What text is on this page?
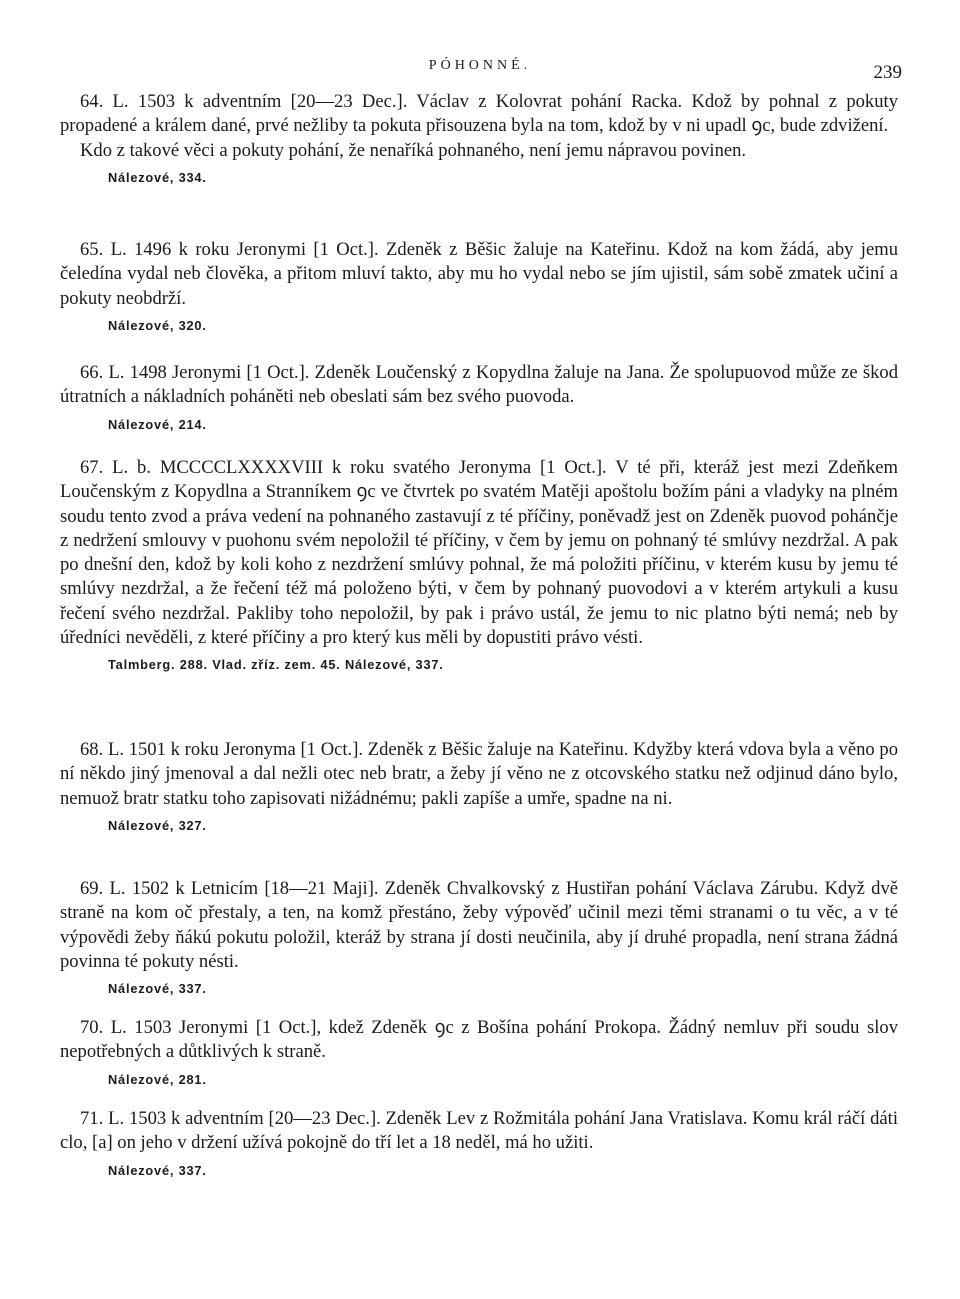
PÓHONNÉ.	239

64. L. 1503 k adventním [20—23 Dec.]. Václav z Kolovrat pohání Racka. Kdož by pohnal z pokuty propadené a králem dané, prvé nežliby ta pokuta přisouzena byla na tom, kdož by v ni upadl ꝯc, bude zdvižení.

Kdo z takové věci a pokuty pohání, že nenaříká pohnaného, není jemu nápravou povinen.

Nálezové, 334.

65. L. 1496 k roku Jeronymi [1 Oct.]. Zdeněk z Běšic žaluje na Kateřinu. Kdož na kom žádá, aby jemu čeledína vydal neb člověka, a přitom mluví takto, aby mu ho vydal nebo se jím ujistil, sám sobě zmatek učiní a pokuty neobdrží.

Nálezové, 320.

66. L. 1498 Jeronymi [1 Oct.]. Zdeněk Loučenský z Kopydlna žaluje na Jana. Že spolupuovod může ze škod útratních a nákladních poháněti neb obeslati sám bez svého puovoda.

Nálezové, 214.

67. L. b. MCCCCLXXXXVIII k roku svatého Jeronyma [1 Oct.]. V té při, kteráž jest mezi Zdeňkem Loučenským z Kopydlna a Stranníkem ꝯc ve čtvrtek po svatém Matěji apoštolu božím páni a vladyky na plném soudu tento zvod a práva vedení na pohnaného zastavují z té příčiny, poněvadž jest on Zdeněk puovod pohánčje z nedržení smlouvy v puohonu svém nepoložil té příčiny, v čem by jemu on pohnaný té smlúvy nezdržal. A pak po dnešní den, kdož by koli koho z nezdržení smlúvy pohnal, že má položiti příčinu, v kterém kusu by jemu té smlúvy nezdržal, a že řečení též má položeno býti, v čem by pohnaný puovodovi a v kterém artykuli a kusu řečení svého nezdržal. Pakliby toho nepoložil, by pak i právo ustál, že jemu to nic platno býti nemá; neb by úředníci nevěděli, z které příčiny a pro který kus měli by dopustiti právo vésti.

Talmberg. 288. Vlad. zříz. zem. 45. Nálezové, 337.

68. L. 1501 k roku Jeronyma [1 Oct.]. Zdeněk z Běšic žaluje na Kateřinu. Kdyžby která vdova byla a věno po ní někdo jiný jmenoval a dal nežli otec neb bratr, a žeby jí věno ne z otcovského statku než odjinud dáno bylo, nemuož bratr statku toho zapisovati nižádnému; pakli zapíše a umře, spadne na ni.

Nálezové, 327.

69. L. 1502 k Letnicím [18—21 Maji]. Zdeněk Chvalkovský z Hustiřan pohání Václava Zárubu. Když dvě straně na kom oč přestaly, a ten, na komž přestáno, žeby výpověď učinil mezi těmi stranami o tu věc, a v té výpovědi žeby ňákú pokutu položil, kteráž by strana jí dosti neučinila, aby jí druhé propadla, není strana žádná povinna té pokuty nésti.

Nálezové, 337.

70. L. 1503 Jeronymi [1 Oct.], kdež Zdeněk ꝯc z Bošína pohání Prokopa. Žádný nemluv při soudu slov nepotřebných a důtklivých k straně.

Nálezové, 281.

71. L. 1503 k adventním [20—23 Dec.]. Zdeněk Lev z Rožmitála pohání Jana Vratislava. Komu král ráčí dáti clo, [a] on jeho v držení užívá pokojně do tří let a 18 neděl, má ho užiti.

Nálezové, 337.
